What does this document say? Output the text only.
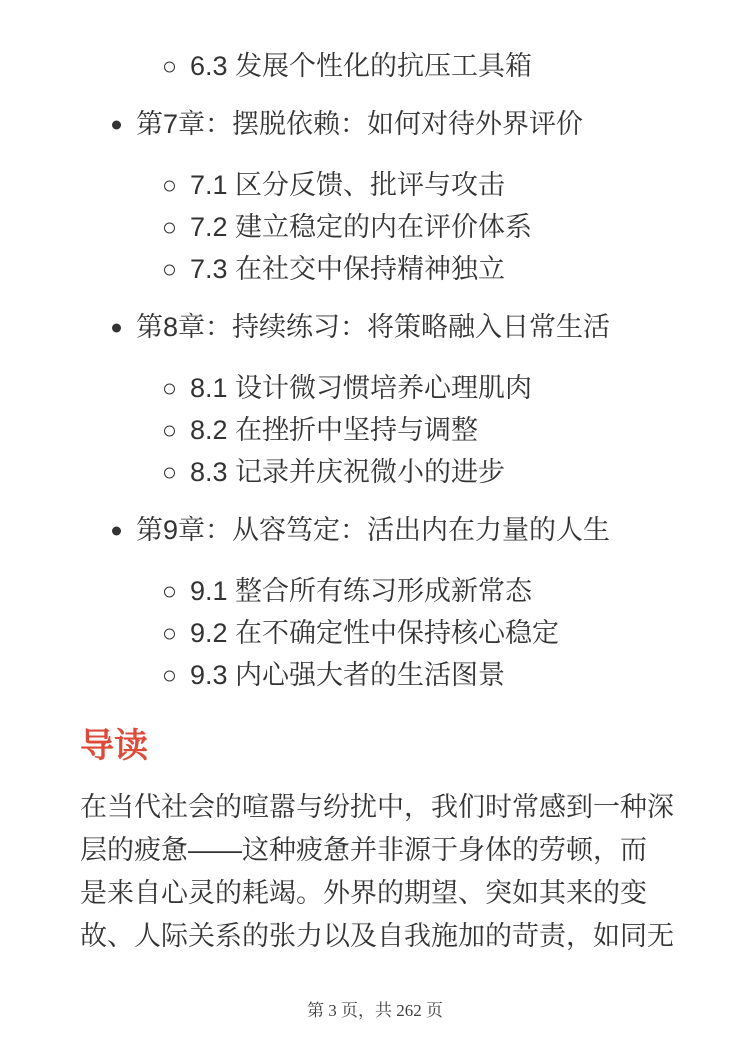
6.3 发展个性化的抗压工具箱
第7章：摆脱依赖：如何对待外界评价
7.1 区分反馈、批评与攻击
7.2 建立稳定的内在评价体系
7.3 在社交中保持精神独立
第8章：持续练习：将策略融入日常生活
8.1 设计微习惯培养心理肌肉
8.2 在挫折中坚持与调整
8.3 记录并庆祝微小的进步
第9章：从容笃定：活出内在力量的人生
9.1 整合所有练习形成新常态
9.2 在不确定性中保持核心稳定
9.3 内心强大者的生活图景
导读
在当代社会的喧嚣与纷扰中，我们时常感到一种深
层的疲惫——这种疲惫并非源于身体的劳顿，而
是来自心灵的耗竭。外界的期望、突如其来的变
故、人际关系的张力以及自我施加的苛责，如同无
第 3 页，共 262 页
